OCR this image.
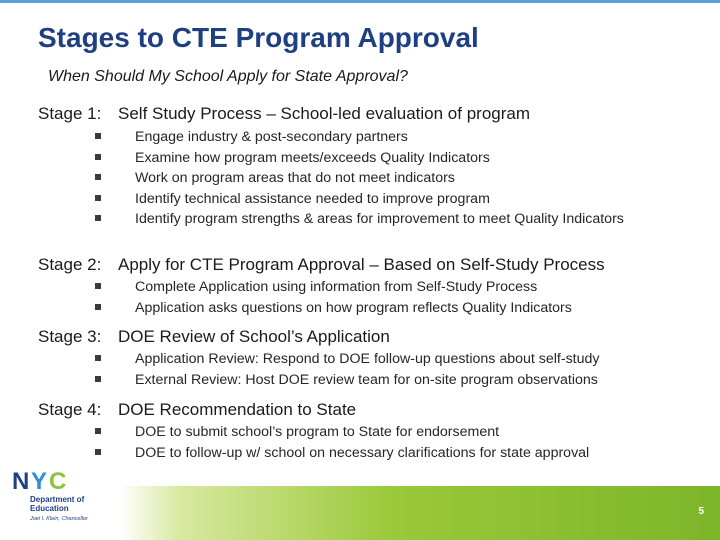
Stages to CTE Program Approval
When Should My School Apply for State Approval?
Stage 1: Self Study Process – School-led evaluation of program
Engage industry & post-secondary partners
Examine how program meets/exceeds Quality Indicators
Work on program areas that do not meet indicators
Identify technical assistance needed to improve program
Identify program strengths & areas for improvement to meet Quality Indicators
Stage 2: Apply for CTE Program Approval – Based on Self-Study Process
Complete Application using information from Self-Study Process
Application asks questions on how program reflects Quality Indicators
Stage 3: DOE Review of School’s Application
Application Review: Respond to DOE follow-up questions about self-study
External Review: Host DOE review team for on-site program observations
Stage 4: DOE Recommendation to State
DOE to submit school’s program to State for endorsement
DOE to follow-up w/ school on necessary clarifications for state approval
5
N Y C
Department of
Education
Joel I. Klein, Chancellor
